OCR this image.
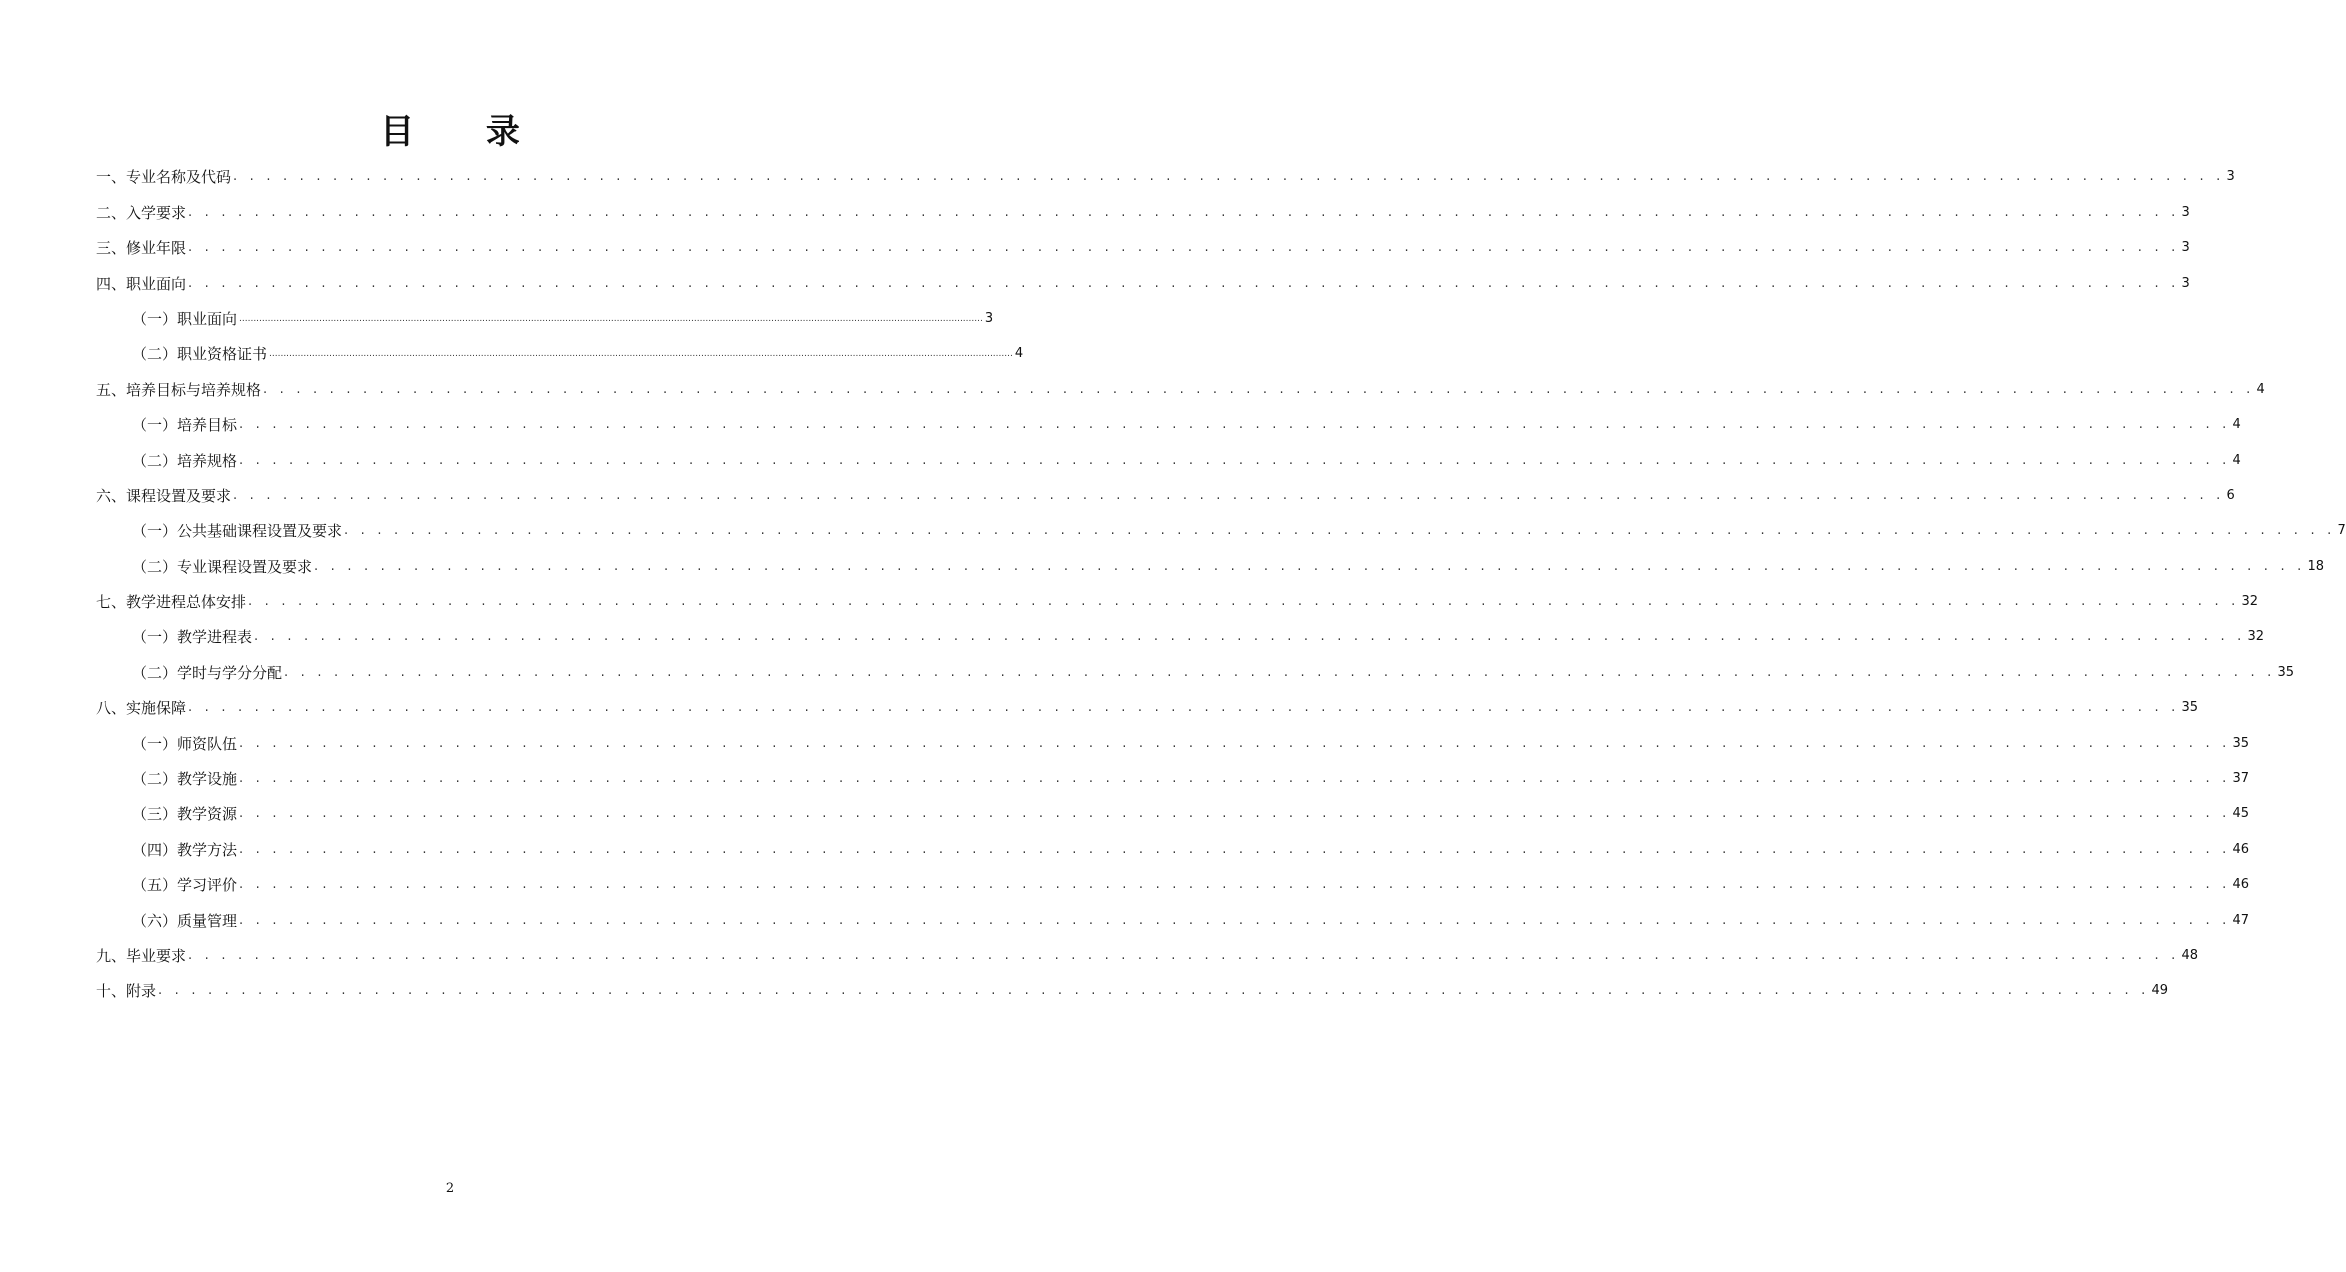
目 录
一、专业名称及代码 . . . . . . . . . . . . . . . . . . . . . . . . . . . . . . . . . . . . . . . . . . . . . . . . . . . . . . . . . . . . . . . . . . . . . . . . . . . . . . . . . . . . . . . . . . . . . . . . . . . . . . . . . . . . . . . . . . . . . . . . 3
二、入学要求 . . . . . . . . . . . . . . . . . . . . . . . . . . . . . . . . . . . . . . . . . . . . . . . . . . . . . . . . . . . . . . . . . . . . . . . . . . . . . . . . . . . . . . . . . . . . . . . . . . . . . . . . . . . . . . . . . . . . . . . . 3
三、修业年限 . . . . . . . . . . . . . . . . . . . . . . . . . . . . . . . . . . . . . . . . . . . . . . . . . . . . . . . . . . . . . . . . . . . . . . . . . . . . . . . . . . . . . . . . . . . . . . . . . . . . . . . . . . . . . . . . . . . . . . . . 3
四、职业面向 . . . . . . . . . . . . . . . . . . . . . . . . . . . . . . . . . . . . . . . . . . . . . . . . . . . . . . . . . . . . . . . . . . . . . . . . . . . . . . . . . . . . . . . . . . . . . . . . . . . . . . . . . . . . . . . . . . . . . . . . 3
（一）职业面向 .................................................................................................................................................................................................................................................................... 3
（二）职业资格证书 .................................................................................................................................................................................................................................................................... 4
五、培养目标与培养规格 . . . . . . . . . . . . . . . . . . . . . . . . . . . . . . . . . . . . . . . . . . . . . . . . . . . . . . . . . . . . . . . . . . . . . . . . . . . . . . . . . . . . . . . . . . . . . . . . . . . . . . . . . . . . . . . . . . . . . . . . 4
（一）培养目标 . . . . . . . . . . . . . . . . . . . . . . . . . . . . . . . . . . . . . . . . . . . . . . . . . . . . . . . . . . . . . . . . . . . . . . . . . . . . . . . . . . . . . . . . . . . . . . . . . . . . . . . . . . . . . . . . . . . . . . . . 4
（二）培养规格 . . . . . . . . . . . . . . . . . . . . . . . . . . . . . . . . . . . . . . . . . . . . . . . . . . . . . . . . . . . . . . . . . . . . . . . . . . . . . . . . . . . . . . . . . . . . . . . . . . . . . . . . . . . . . . . . . . . . . . . . 4
六、课程设置及要求 . . . . . . . . . . . . . . . . . . . . . . . . . . . . . . . . . . . . . . . . . . . . . . . . . . . . . . . . . . . . . . . . . . . . . . . . . . . . . . . . . . . . . . . . . . . . . . . . . . . . . . . . . . . . . . . . . . . . . . . . 6
（一）公共基础课程设置及要求 . . . . . . . . . . . . . . . . . . . . . . . . . . . . . . . . . . . . . . . . . . . . . . . . . . . . . . . . . . . . . . . . . . . . . . . . . . . . . . . . . . . . . . . . . . . . . . . . . . . . . . . . . . . . . . . . . . . . . . . . 7
（二）专业课程设置及要求 . . . . . . . . . . . . . . . . . . . . . . . . . . . . . . . . . . . . . . . . . . . . . . . . . . . . . . . . . . . . . . . . . . . . . . . . . . . . . . . . . . . . . . . . . . . . . . . . . . . . . . . . . . . . . . . . . . . . . . . . 18
七、教学进程总体安排 . . . . . . . . . . . . . . . . . . . . . . . . . . . . . . . . . . . . . . . . . . . . . . . . . . . . . . . . . . . . . . . . . . . . . . . . . . . . . . . . . . . . . . . . . . . . . . . . . . . . . . . . . . . . . . . . . . . . . . . . 32
（一）教学进程表 . . . . . . . . . . . . . . . . . . . . . . . . . . . . . . . . . . . . . . . . . . . . . . . . . . . . . . . . . . . . . . . . . . . . . . . . . . . . . . . . . . . . . . . . . . . . . . . . . . . . . . . . . . . . . . . . . . . . . . . . 32
（二）学时与学分分配 . . . . . . . . . . . . . . . . . . . . . . . . . . . . . . . . . . . . . . . . . . . . . . . . . . . . . . . . . . . . . . . . . . . . . . . . . . . . . . . . . . . . . . . . . . . . . . . . . . . . . . . . . . . . . . . . . . . . . . . . 35
八、实施保障 . . . . . . . . . . . . . . . . . . . . . . . . . . . . . . . . . . . . . . . . . . . . . . . . . . . . . . . . . . . . . . . . . . . . . . . . . . . . . . . . . . . . . . . . . . . . . . . . . . . . . . . . . . . . . . . . . . . . . . . . 35
（一）师资队伍 . . . . . . . . . . . . . . . . . . . . . . . . . . . . . . . . . . . . . . . . . . . . . . . . . . . . . . . . . . . . . . . . . . . . . . . . . . . . . . . . . . . . . . . . . . . . . . . . . . . . . . . . . . . . . . . . . . . . . . . . 35
（二）教学设施 . . . . . . . . . . . . . . . . . . . . . . . . . . . . . . . . . . . . . . . . . . . . . . . . . . . . . . . . . . . . . . . . . . . . . . . . . . . . . . . . . . . . . . . . . . . . . . . . . . . . . . . . . . . . . . . . . . . . . . . . 37
（三）教学资源 . . . . . . . . . . . . . . . . . . . . . . . . . . . . . . . . . . . . . . . . . . . . . . . . . . . . . . . . . . . . . . . . . . . . . . . . . . . . . . . . . . . . . . . . . . . . . . . . . . . . . . . . . . . . . . . . . . . . . . . . 45
（四）教学方法 . . . . . . . . . . . . . . . . . . . . . . . . . . . . . . . . . . . . . . . . . . . . . . . . . . . . . . . . . . . . . . . . . . . . . . . . . . . . . . . . . . . . . . . . . . . . . . . . . . . . . . . . . . . . . . . . . . . . . . . . 46
（五）学习评价 . . . . . . . . . . . . . . . . . . . . . . . . . . . . . . . . . . . . . . . . . . . . . . . . . . . . . . . . . . . . . . . . . . . . . . . . . . . . . . . . . . . . . . . . . . . . . . . . . . . . . . . . . . . . . . . . . . . . . . . . 46
（六）质量管理 . . . . . . . . . . . . . . . . . . . . . . . . . . . . . . . . . . . . . . . . . . . . . . . . . . . . . . . . . . . . . . . . . . . . . . . . . . . . . . . . . . . . . . . . . . . . . . . . . . . . . . . . . . . . . . . . . . . . . . . . 47
九、毕业要求 . . . . . . . . . . . . . . . . . . . . . . . . . . . . . . . . . . . . . . . . . . . . . . . . . . . . . . . . . . . . . . . . . . . . . . . . . . . . . . . . . . . . . . . . . . . . . . . . . . . . . . . . . . . . . . . . . . . . . . . . 48
十、附录 . . . . . . . . . . . . . . . . . . . . . . . . . . . . . . . . . . . . . . . . . . . . . . . . . . . . . . . . . . . . . . . . . . . . . . . . . . . . . . . . . . . . . . . . . . . . . . . . . . . . . . . . . . . . . . . . . . . . . . . . 49
2
